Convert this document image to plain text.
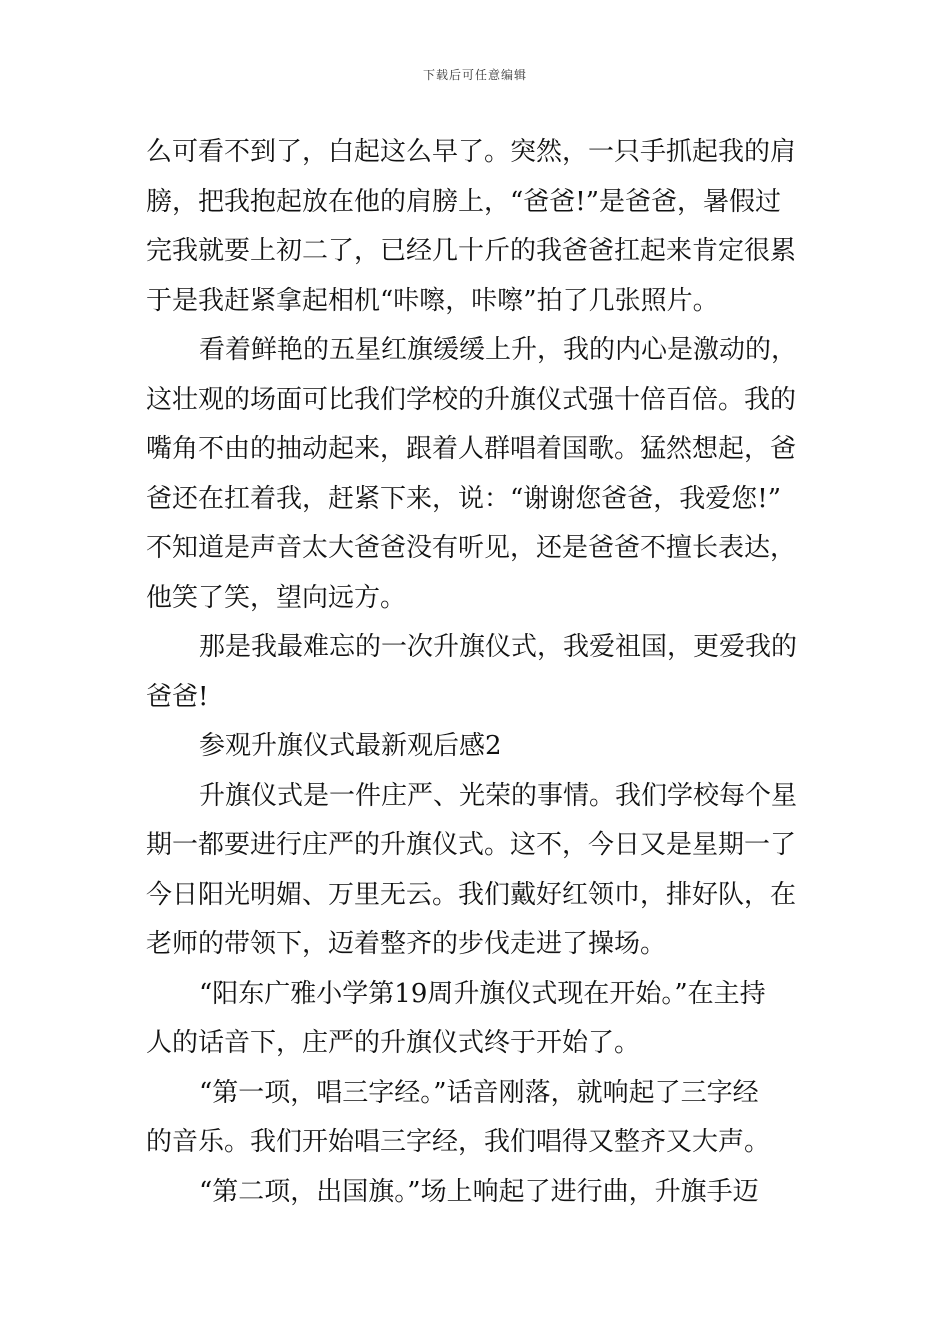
下载后可任意编辑
么可看不到了，白起这么早了。突然，一只手抓起我的肩
膀，把我抱起放在他的肩膀上，“爸爸!”是爸爸，暑假过
完我就要上初二了，已经几十斤的我爸爸扛起来肯定很累
于是我赶紧拿起相机“咔嚓，咔嚓”拍了几张照片。
看着鲜艳的五星红旗缓缓上升，我的内心是激动的，
这壮观的场面可比我们学校的升旗仪式强十倍百倍。我的
嘴角不由的抽动起来，跟着人群唱着国歌。猛然想起，爸
爸还在扛着我，赶紧下来，说：“谢谢您爸爸，我爱您!”
不知道是声音太大爸爸没有听见，还是爸爸不擅长表达，
他笑了笑，望向远方。
那是我最难忘的一次升旗仪式，我爱祖国，更爱我的
爸爸!
参观升旗仪式最新观后感2
升旗仪式是一件庄严、光荣的事情。我们学校每个星
期一都要进行庄严的升旗仪式。这不，今日又是星期一了
今日阳光明媚、万里无云。我们戴好红领巾，排好队，在
老师的带领下，迈着整齐的步伐走进了操场。
“阳东广雅小学第19周升旗仪式现在开始。”在主持
人的话音下，庄严的升旗仪式终于开始了。
“第一项，唱三字经。”话音刚落，就响起了三字经
的音乐。我们开始唱三字经，我们唱得又整齐又大声。
“第二项，出国旗。”场上响起了进行曲，升旗手迈
